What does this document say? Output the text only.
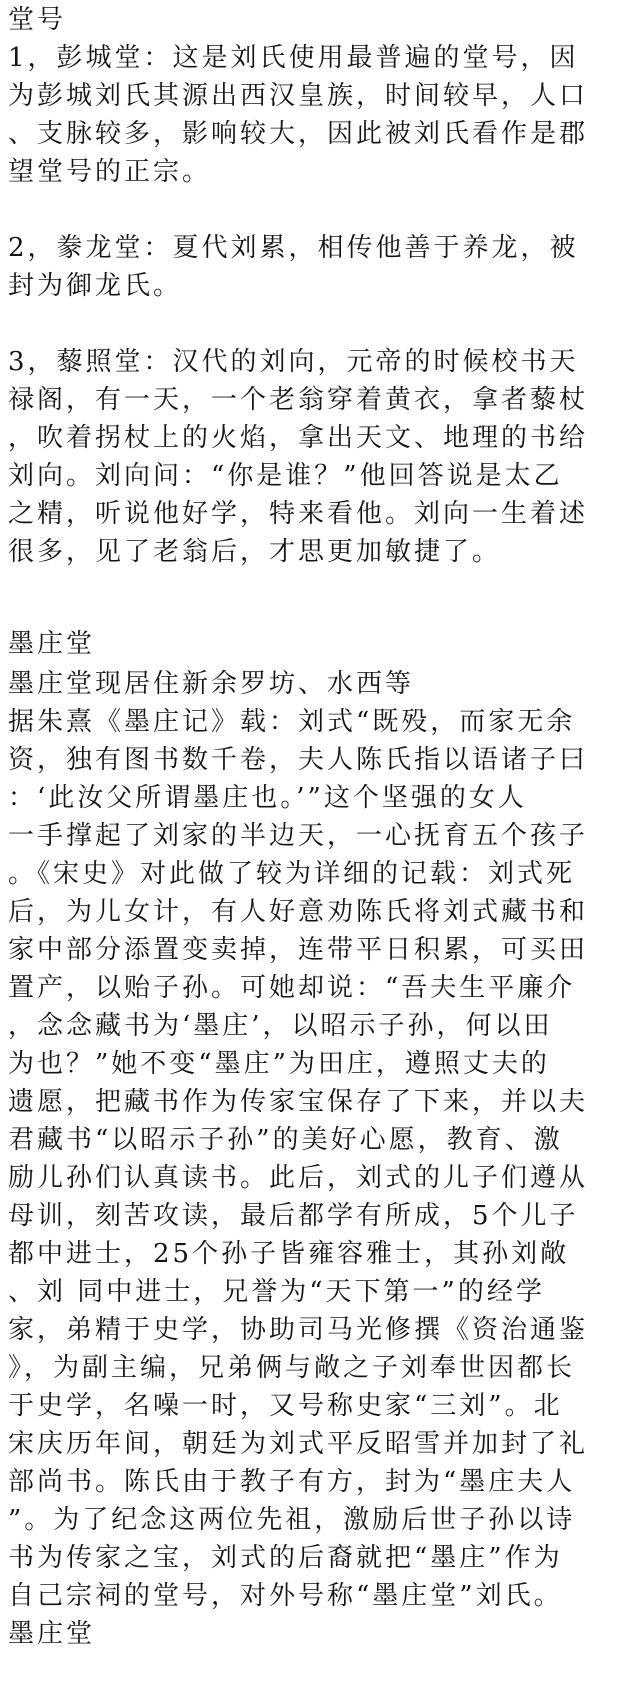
堂号
1，彭城堂：这是刘氏使用最普遍的堂号，因
为彭城刘氏其源出西汉皇族，时间较早，人口
、支脉较多，影响较大，因此被刘氏看作是郡
望堂号的正宗。
2，豢龙堂：夏代刘累，相传他善于养龙，被
封为御龙氏。
3，藜照堂：汉代的刘向，元帝的时候校书天
禄阁，有一天，一个老翁穿着黄衣，拿者藜杖
，吹着拐杖上的火焰，拿出天文、地理的书给
刘向。刘向问：“你是谁？”他回答说是太乙
之精，听说他好学，特来看他。刘向一生着述
很多，见了老翁后，才思更加敏捷了。
墨庄堂
墨庄堂现居住新余罗坊、水西等
据朱熹《墨庄记》载：刘式“既殁，而家无余
资，独有图书数千卷，夫人陈氏指以语诸子曰
：‘此汝父所谓墨庄也。’”这个坚强的女人
一手撑起了刘家的半边天，一心抚育五个孩子
。《宋史》对此做了较为详细的记载：刘式死
后，为儿女计，有人好意劝陈氏将刘式藏书和
家中部分添置变卖掉，连带平日积累，可买田
置产，以贻子孙。可她却说：“吾夫生平廉介
，念念藏书为‘墨庄’，以昭示子孙，何以田
为也？”她不变“墨庄”为田庄，遵照丈夫的
遗愿，把藏书作为传家宝保存了下来，并以夫
君藏书“以昭示子孙”的美好心愿，教育、激
励儿孙们认真读书。此后，刘式的儿子们遵从
母训，刻苦攻读，最后都学有所成，5个儿子
都中进士，25个孙子皆雍容雅士，其孙刘敞
、刘 同中进士，兄誉为“天下第一”的经学
家，弟精于史学，协助司马光修撰《资治通鉴
》，为副主编，兄弟俩与敞之子刘奉世因都长
于史学，名噪一时，又号称史家“三刘”。北
宋庆历年间，朝廷为刘式平反昭雪并加封了礼
部尚书。陈氏由于教子有方，封为“墨庄夫人
”。为了纪念这两位先祖，激励后世子孙以诗
书为传家之宝，刘式的后裔就把“墨庄”作为
自己宗祠的堂号，对外号称“墨庄堂”刘氏。
墨庄堂
